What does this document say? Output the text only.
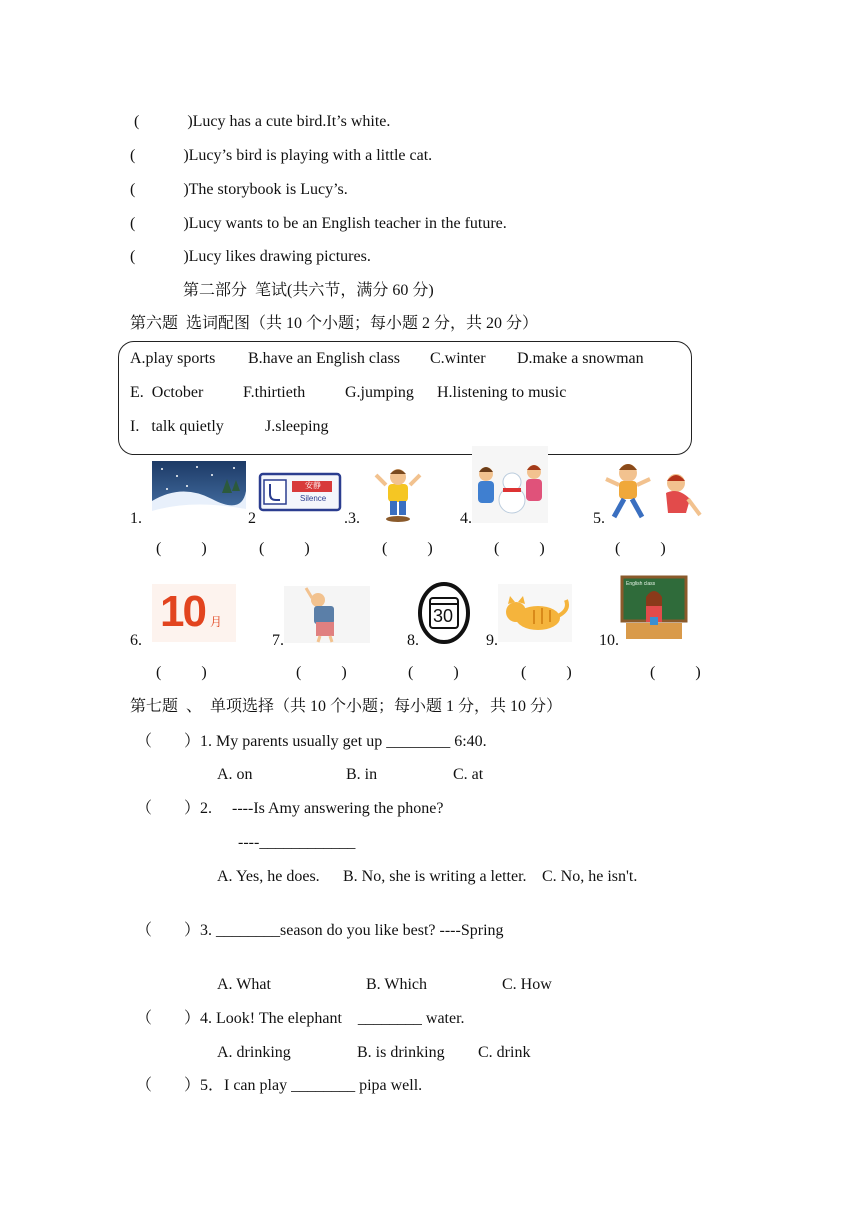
(            )Lucy has a cute bird.It’s white.
(            )Lucy’s bird is playing with a little cat.
(            )The storybook is Lucy’s.
(            )Lucy wants to be an English teacher in the future.
(            )Lucy likes drawing pictures.
第二部分  笔试(共六节，满分 60 分)
第六题  选词配图（共 10 个小题；每小题 2 分，共 20 分）
A.play sports B.have an English class C.winter D.make a snowman
E.  October F.thirtieth G.jumping H.listening to music
I.   talk quietly	J.sleeping
1.	2
安静
Silence
.3.	4.	5.
(          )	(          )	(          )	(          )	(          )
6.
10 月
7.	8.
30
9.	10.
English class
(          )	(          )	(          )	(          )	(          )
第七题  、  单项选择（共 10 个小题；每小题 1 分，共 10 分）
（        ）1. My parents usually get up ________ 6:40.
A. on	B. in	C. at
（        ）2.     ----Is Amy answering the phone?
----____________
A. Yes, he does. B. No, she is writing a letter. C. No, he isn't.
（        ）3. ________season do you like best? ----Spring
A. What	B. Which	C. How
（        ）4. Look! The elephant    ________ water.
A. drinking	B. is drinking C. drink
（        ）5．I can play ________ pipa well.
